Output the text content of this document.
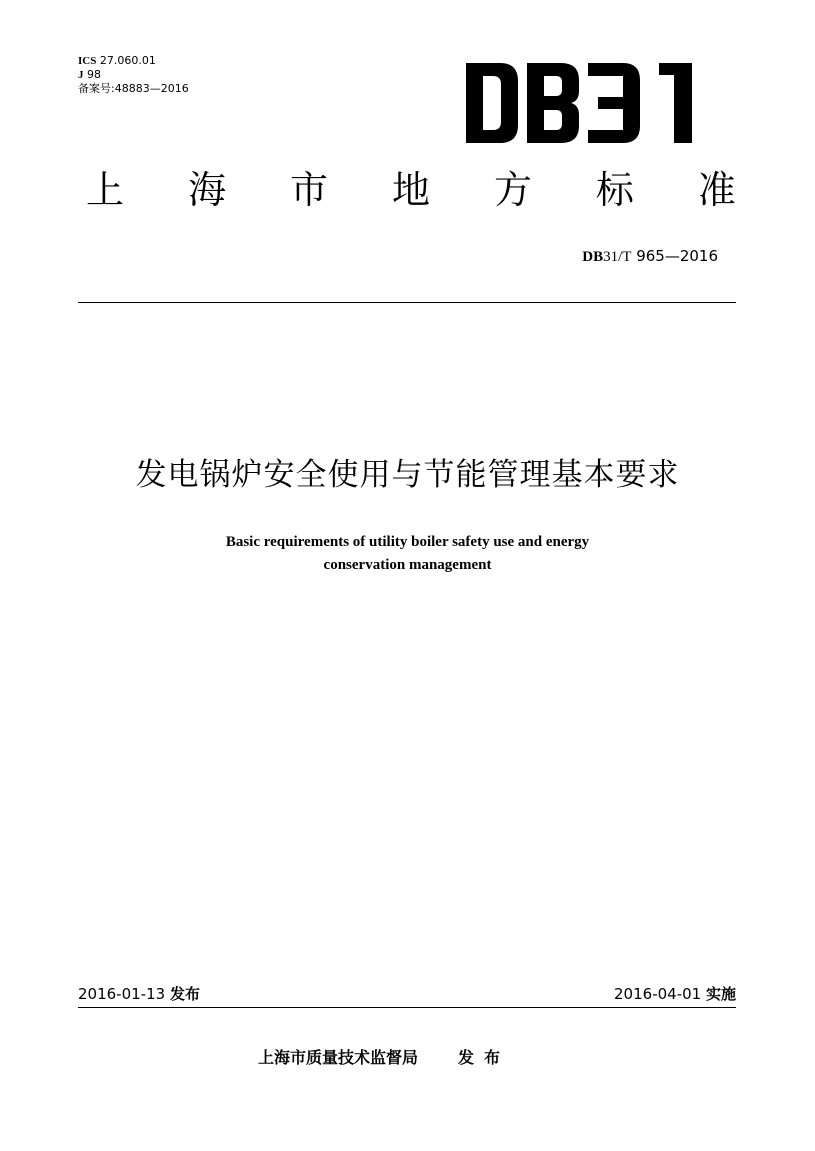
ICS 27.060.01
J 98
备案号:48883—2016
上 海 市 地 方 标 准
DB31/T 965—2016
发电锅炉安全使用与节能管理基本要求
Basic requirements of utility boiler safety use and energy
conservation management
2016-01-13 发布	2016-04-01 实施
上海市质量技术监督局	发布
